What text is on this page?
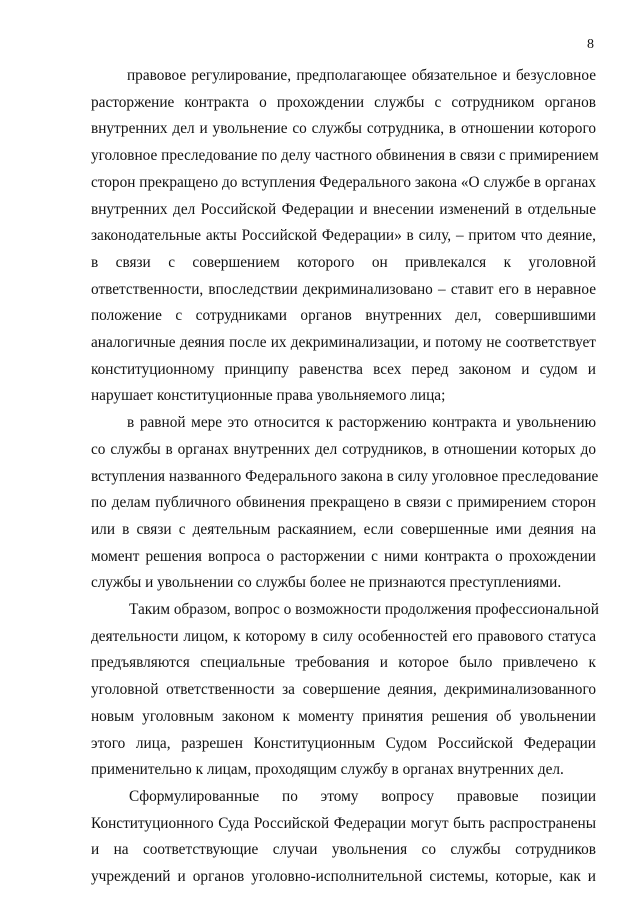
8
правовое регулирование, предполагающее обязательное и безусловное
расторжение контракта о прохождении службы с сотрудником органов
внутренних дел и увольнение со службы сотрудника, в отношении которого
уголовное преследование по делу частного обвинения в связи с примирением
сторон прекращено до вступления Федерального закона «О службе в органах
внутренних дел Российской Федерации и внесении изменений в отдельные
законодательные акты Российской Федерации» в силу, – притом что деяние,
в связи с совершением которого он привлекался к уголовной
ответственности, впоследствии декриминализовано – ставит его в неравное
положение с сотрудниками органов внутренних дел, совершившими
аналогичные деяния после их декриминализации, и потому не соответствует
конституционному принципу равенства всех перед законом и судом и
нарушает конституционные права увольняемого лица;
в равной мере это относится к расторжению контракта и увольнению
со службы в органах внутренних дел сотрудников, в отношении которых до
вступления названного Федерального закона в силу уголовное преследование
по делам публичного обвинения прекращено в связи с примирением сторон
или в связи с деятельным раскаянием, если совершенные ими деяния на
момент решения вопроса о расторжении с ними контракта о прохождении
службы и увольнении со службы более не признаются преступлениями.
Таким образом, вопрос о возможности продолжения профессиональной
деятельности лицом, к которому в силу особенностей его правового статуса
предъявляются специальные требования и которое было привлечено к
уголовной ответственности за совершение деяния, декриминализованного
новым уголовным законом к моменту принятия решения об увольнении
этого лица, разрешен Конституционным Судом Российской Федерации
применительно к лицам, проходящим службу в органах внутренних дел.
Сформулированные по этому вопросу правовые позиции
Конституционного Суда Российской Федерации могут быть распространены
и на соответствующие случаи увольнения со службы сотрудников
учреждений и органов уголовно-исполнительной системы, которые, как и
